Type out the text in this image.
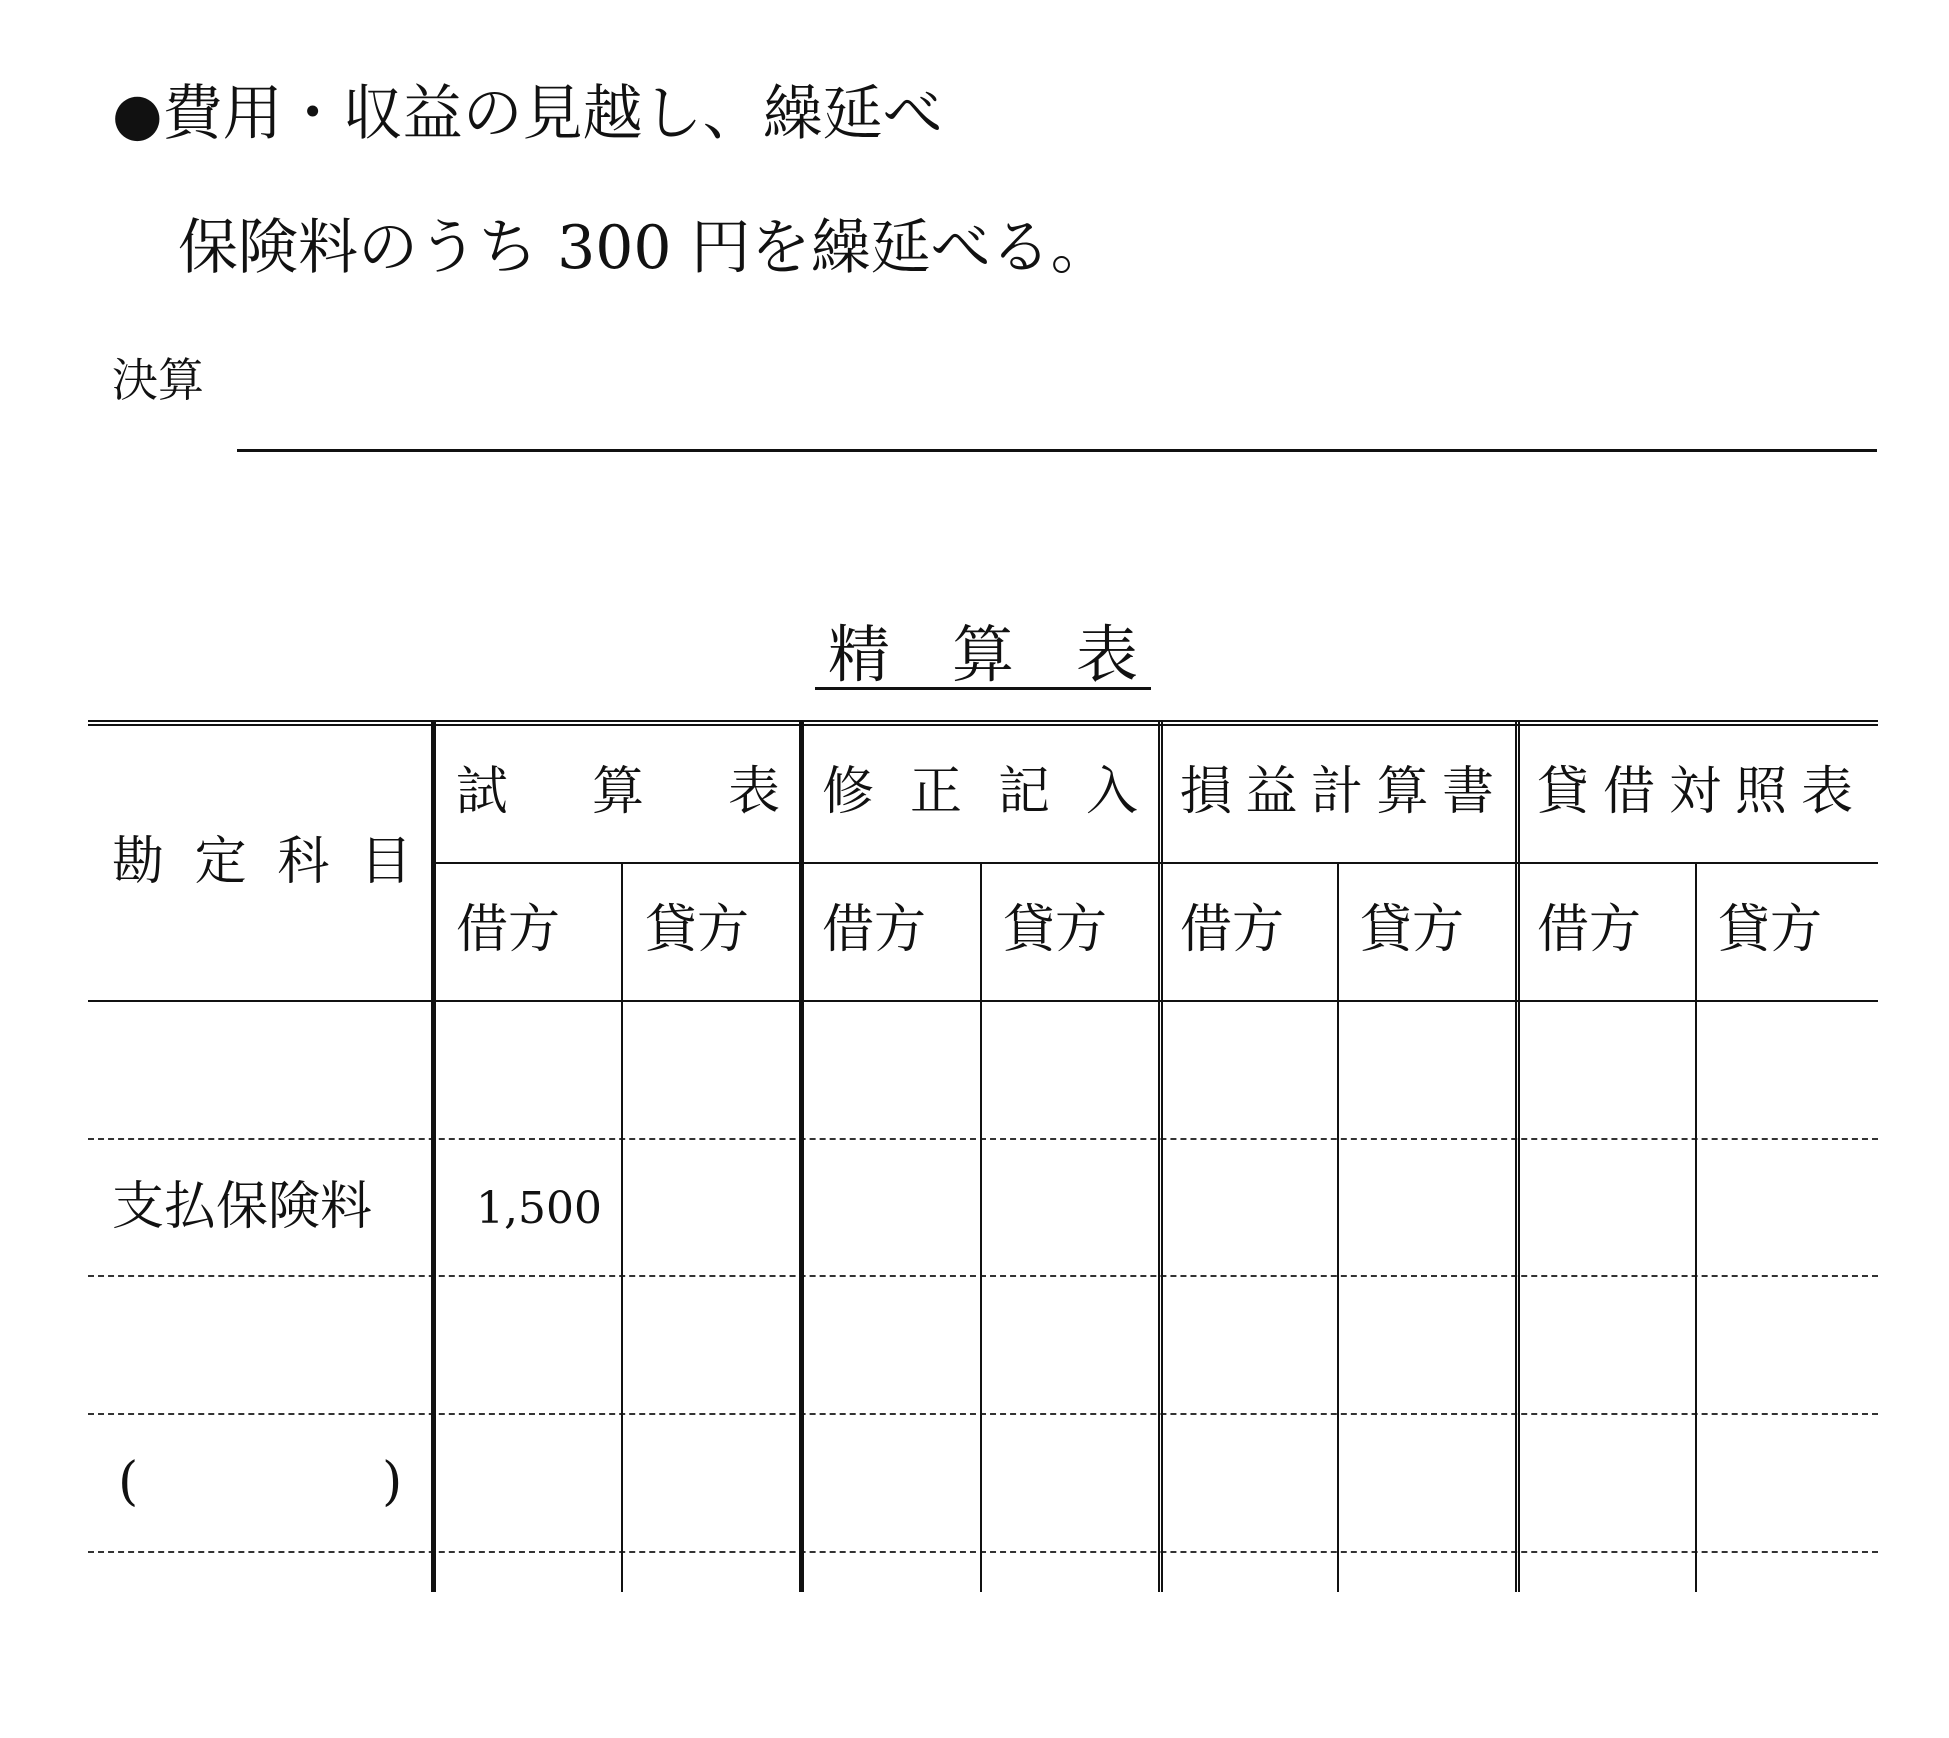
●費用・収益の見越し、繰延べ
保険料のうち 300 円を繰延べる。
決算
精　算　表
勘定科目
試算表 修正記入 損益計算書 貸借対照表
借方 貸方 借方 貸方 借方 貸方 借方 貸方
支払保険料	1,500
(	)
